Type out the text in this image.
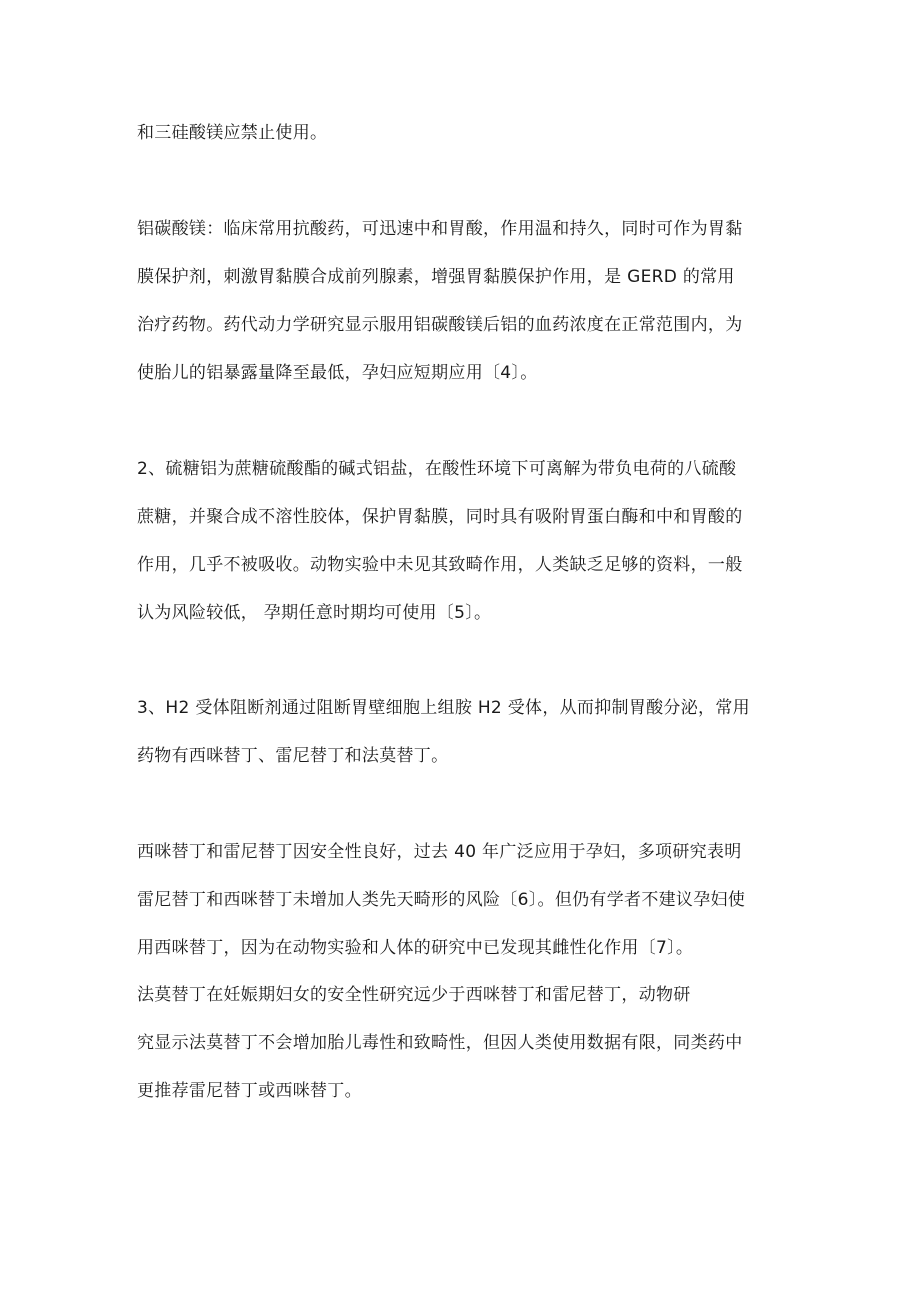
和三硅酸镁应禁止使用。
铝碳酸镁：临床常用抗酸药，可迅速中和胃酸，作用温和持久，同时可作为胃黏
膜保护剂，刺激胃黏膜合成前列腺素，增强胃黏膜保护作用，是 GERD 的常用
治疗药物。药代动力学研究显示服用铝碳酸镁后铝的血药浓度在正常范围内，为
使胎儿的铝暴露量降至最低，孕妇应短期应用〔4〕。
2、硫糖铝为蔗糖硫酸酯的碱式铝盐，在酸性环境下可离解为带负电荷的八硫酸
蔗糖，并聚合成不溶性胶体，保护胃黏膜，同时具有吸附胃蛋白酶和中和胃酸的
作用，几乎不被吸收。动物实验中未见其致畸作用，人类缺乏足够的资料，一般
认为风险较低， 孕期任意时期均可使用〔5〕。
3、H2 受体阻断剂通过阻断胃壁细胞上组胺 H2 受体，从而抑制胃酸分泌，常用
药物有西咪替丁、雷尼替丁和法莫替丁。
西咪替丁和雷尼替丁因安全性良好，过去 40 年广泛应用于孕妇，多项研究表明
雷尼替丁和西咪替丁未增加人类先天畸形的风险〔6〕。但仍有学者不建议孕妇使
用西咪替丁，因为在动物实验和人体的研究中已发现其雌性化作用〔7〕。
法莫替丁在妊娠期妇女的安全性研究远少于西咪替丁和雷尼替丁，动物研
究显示法莫替丁不会增加胎儿毒性和致畸性，但因人类使用数据有限，同类药中
更推荐雷尼替丁或西咪替丁。
